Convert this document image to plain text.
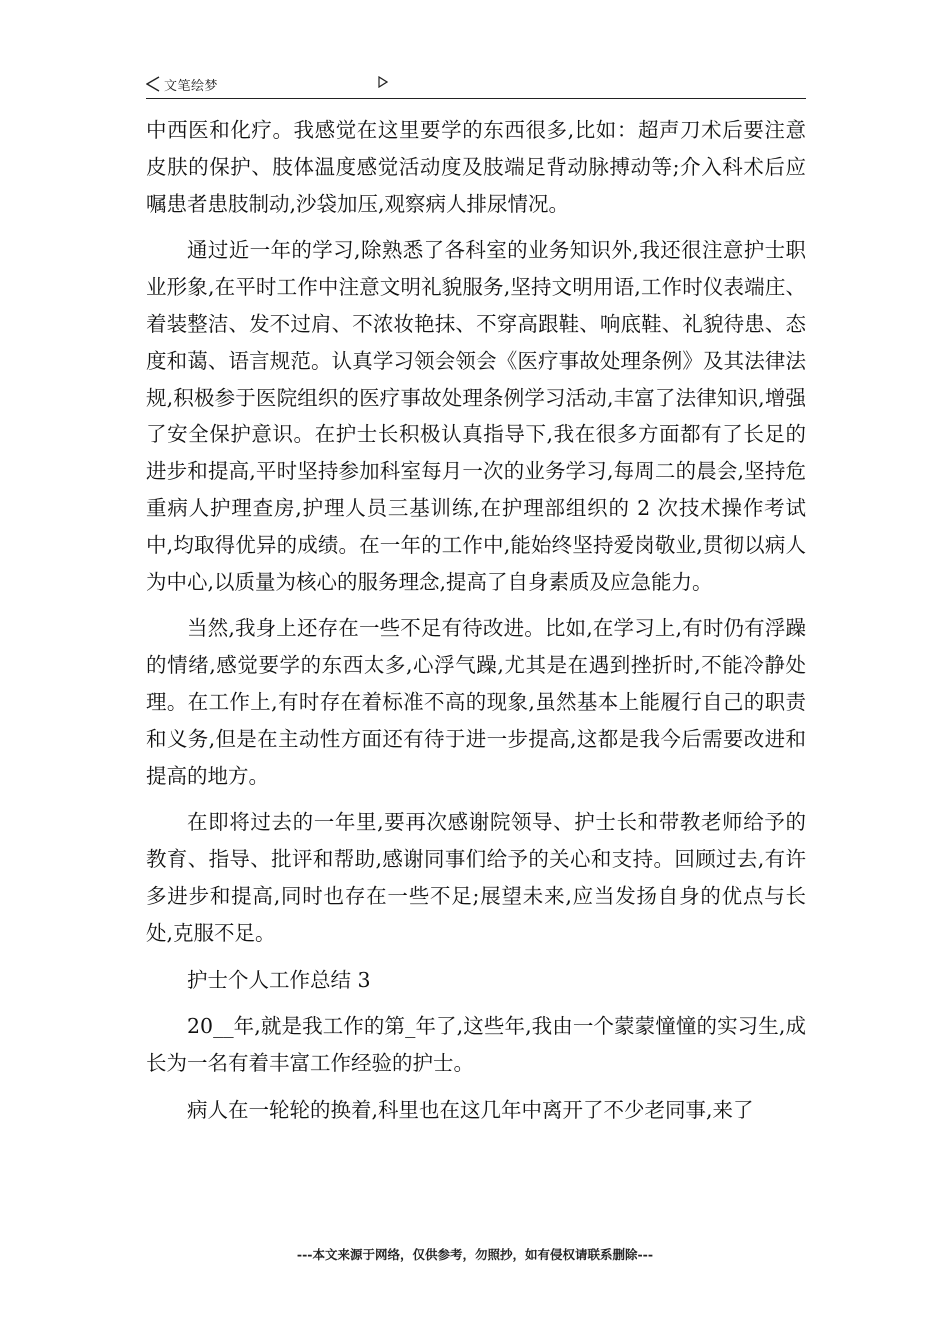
文笔绘梦

中西医和化疗。我感觉在这里要学的东西很多,比如：超声刀术后要注意皮肤的保护、肢体温度感觉活动度及肢端足背动脉搏动等;介入科术后应嘱患者患肢制动,沙袋加压,观察病人排尿情况。

通过近一年的学习,除熟悉了各科室的业务知识外,我还很注意护士职业形象,在平时工作中注意文明礼貌服务,坚持文明用语,工作时仪表端庄、着装整洁、发不过肩、不浓妆艳抹、不穿高跟鞋、响底鞋、礼貌待患、态度和蔼、语言规范。认真学习领会领会《医疗事故处理条例》及其法律法规,积极参于医院组织的医疗事故处理条例学习活动,丰富了法律知识,增强了安全保护意识。在护士长积极认真指导下,我在很多方面都有了长足的进步和提高,平时坚持参加科室每月一次的业务学习,每周二的晨会,坚持危重病人护理查房,护理人员三基训练,在护理部组织的 2 次技术操作考试中,均取得优异的成绩。在一年的工作中,能始终坚持爱岗敬业,贯彻以病人为中心,以质量为核心的服务理念,提高了自身素质及应急能力。

当然,我身上还存在一些不足有待改进。比如,在学习上,有时仍有浮躁的情绪,感觉要学的东西太多,心浮气躁,尤其是在遇到挫折时,不能冷静处理。在工作上,有时存在着标准不高的现象,虽然基本上能履行自己的职责和义务,但是在主动性方面还有待于进一步提高,这都是我今后需要改进和提高的地方。

在即将过去的一年里,要再次感谢院领导、护士长和带教老师给予的教育、指导、批评和帮助,感谢同事们给予的关心和支持。回顾过去,有许多进步和提高,同时也存在一些不足;展望未来,应当发扬自身的优点与长处,克服不足。

护士个人工作总结 3

20__年,就是我工作的第_年了,这些年,我由一个蒙蒙憧憧的实习生,成长为一名有着丰富工作经验的护士。

病人在一轮轮的换着,科里也在这几年中离开了不少老同事,来了

---本文来源于网络，仅供参考，勿照抄，如有侵权请联系删除---
